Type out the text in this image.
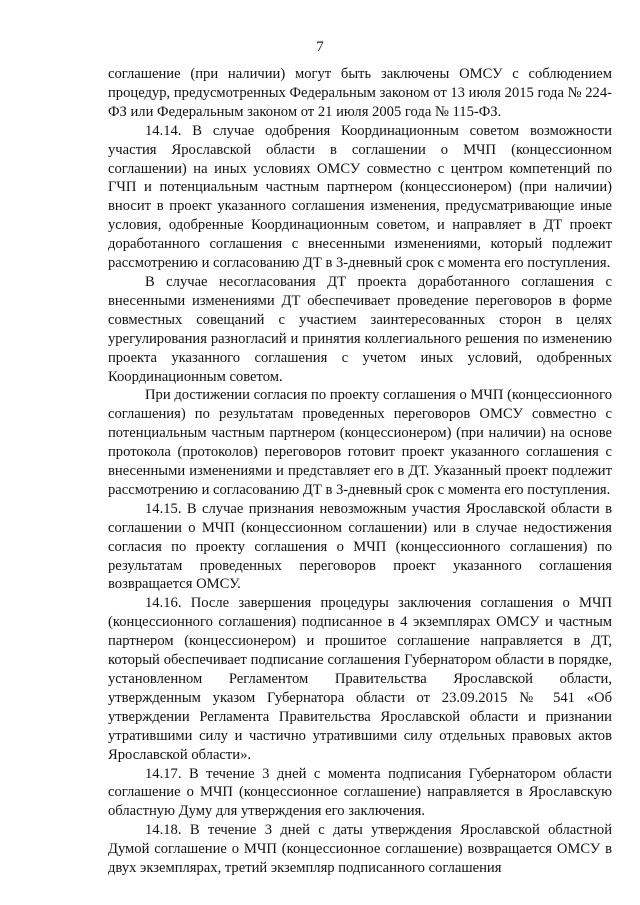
7

соглашение (при наличии) могут быть заключены ОМСУ с соблюдением процедур, предусмотренных Федеральным законом от 13 июля 2015 года № 224-ФЗ или Федеральным законом от 21 июля 2005 года № 115-ФЗ.

14.14. В случае одобрения Координационным советом возможности участия Ярославской области в соглашении о МЧП (концессионном соглашении) на иных условиях ОМСУ совместно с центром компетенций по ГЧП и потенциальным частным партнером (концессионером) (при наличии) вносит в проект указанного соглашения изменения, предусматривающие иные условия, одобренные Координационным советом, и направляет в ДТ проект доработанного соглашения с внесенными изменениями, который подлежит рассмотрению и согласованию ДТ в 3-дневный срок с момента его поступления.

В случае несогласования ДТ проекта доработанного соглашения с внесенными изменениями ДТ обеспечивает проведение переговоров в форме совместных совещаний с участием заинтересованных сторон в целях урегулирования разногласий и принятия коллегиального решения по изменению проекта указанного соглашения с учетом иных условий, одобренных Координационным советом.

При достижении согласия по проекту соглашения о МЧП (концессионного соглашения) по результатам проведенных переговоров ОМСУ совместно с потенциальным частным партнером (концессионером) (при наличии) на основе протокола (протоколов) переговоров готовит проект указанного соглашения с внесенными изменениями и представляет его в ДТ. Указанный проект подлежит рассмотрению и согласованию ДТ в 3-дневный срок с момента его поступления.

14.15. В случае признания невозможным участия Ярославской области в соглашении о МЧП (концессионном соглашении) или в случае недостижения согласия по проекту соглашения о МЧП (концессионного соглашения) по результатам проведенных переговоров проект указанного соглашения возвращается ОМСУ.

14.16. После завершения процедуры заключения соглашения о МЧП (концессионного соглашения) подписанное в 4 экземплярах ОМСУ и частным партнером (концессионером) и прошитое соглашение направляется в ДТ, который обеспечивает подписание соглашения Губернатором области в порядке, установленном Регламентом Правительства Ярославской области, утвержденным указом Губернатора области от 23.09.2015 № 541 «Об утверждении Регламента Правительства Ярославской области и признании утратившими силу и частично утратившими силу отдельных правовых актов Ярославской области».

14.17. В течение 3 дней с момента подписания Губернатором области соглашение о МЧП (концессионное соглашение) направляется в Ярославскую областную Думу для утверждения его заключения.

14.18. В течение 3 дней с даты утверждения Ярославской областной Думой соглашение о МЧП (концессионное соглашение) возвращается ОМСУ в двух экземплярах, третий экземпляр подписанного соглашения
